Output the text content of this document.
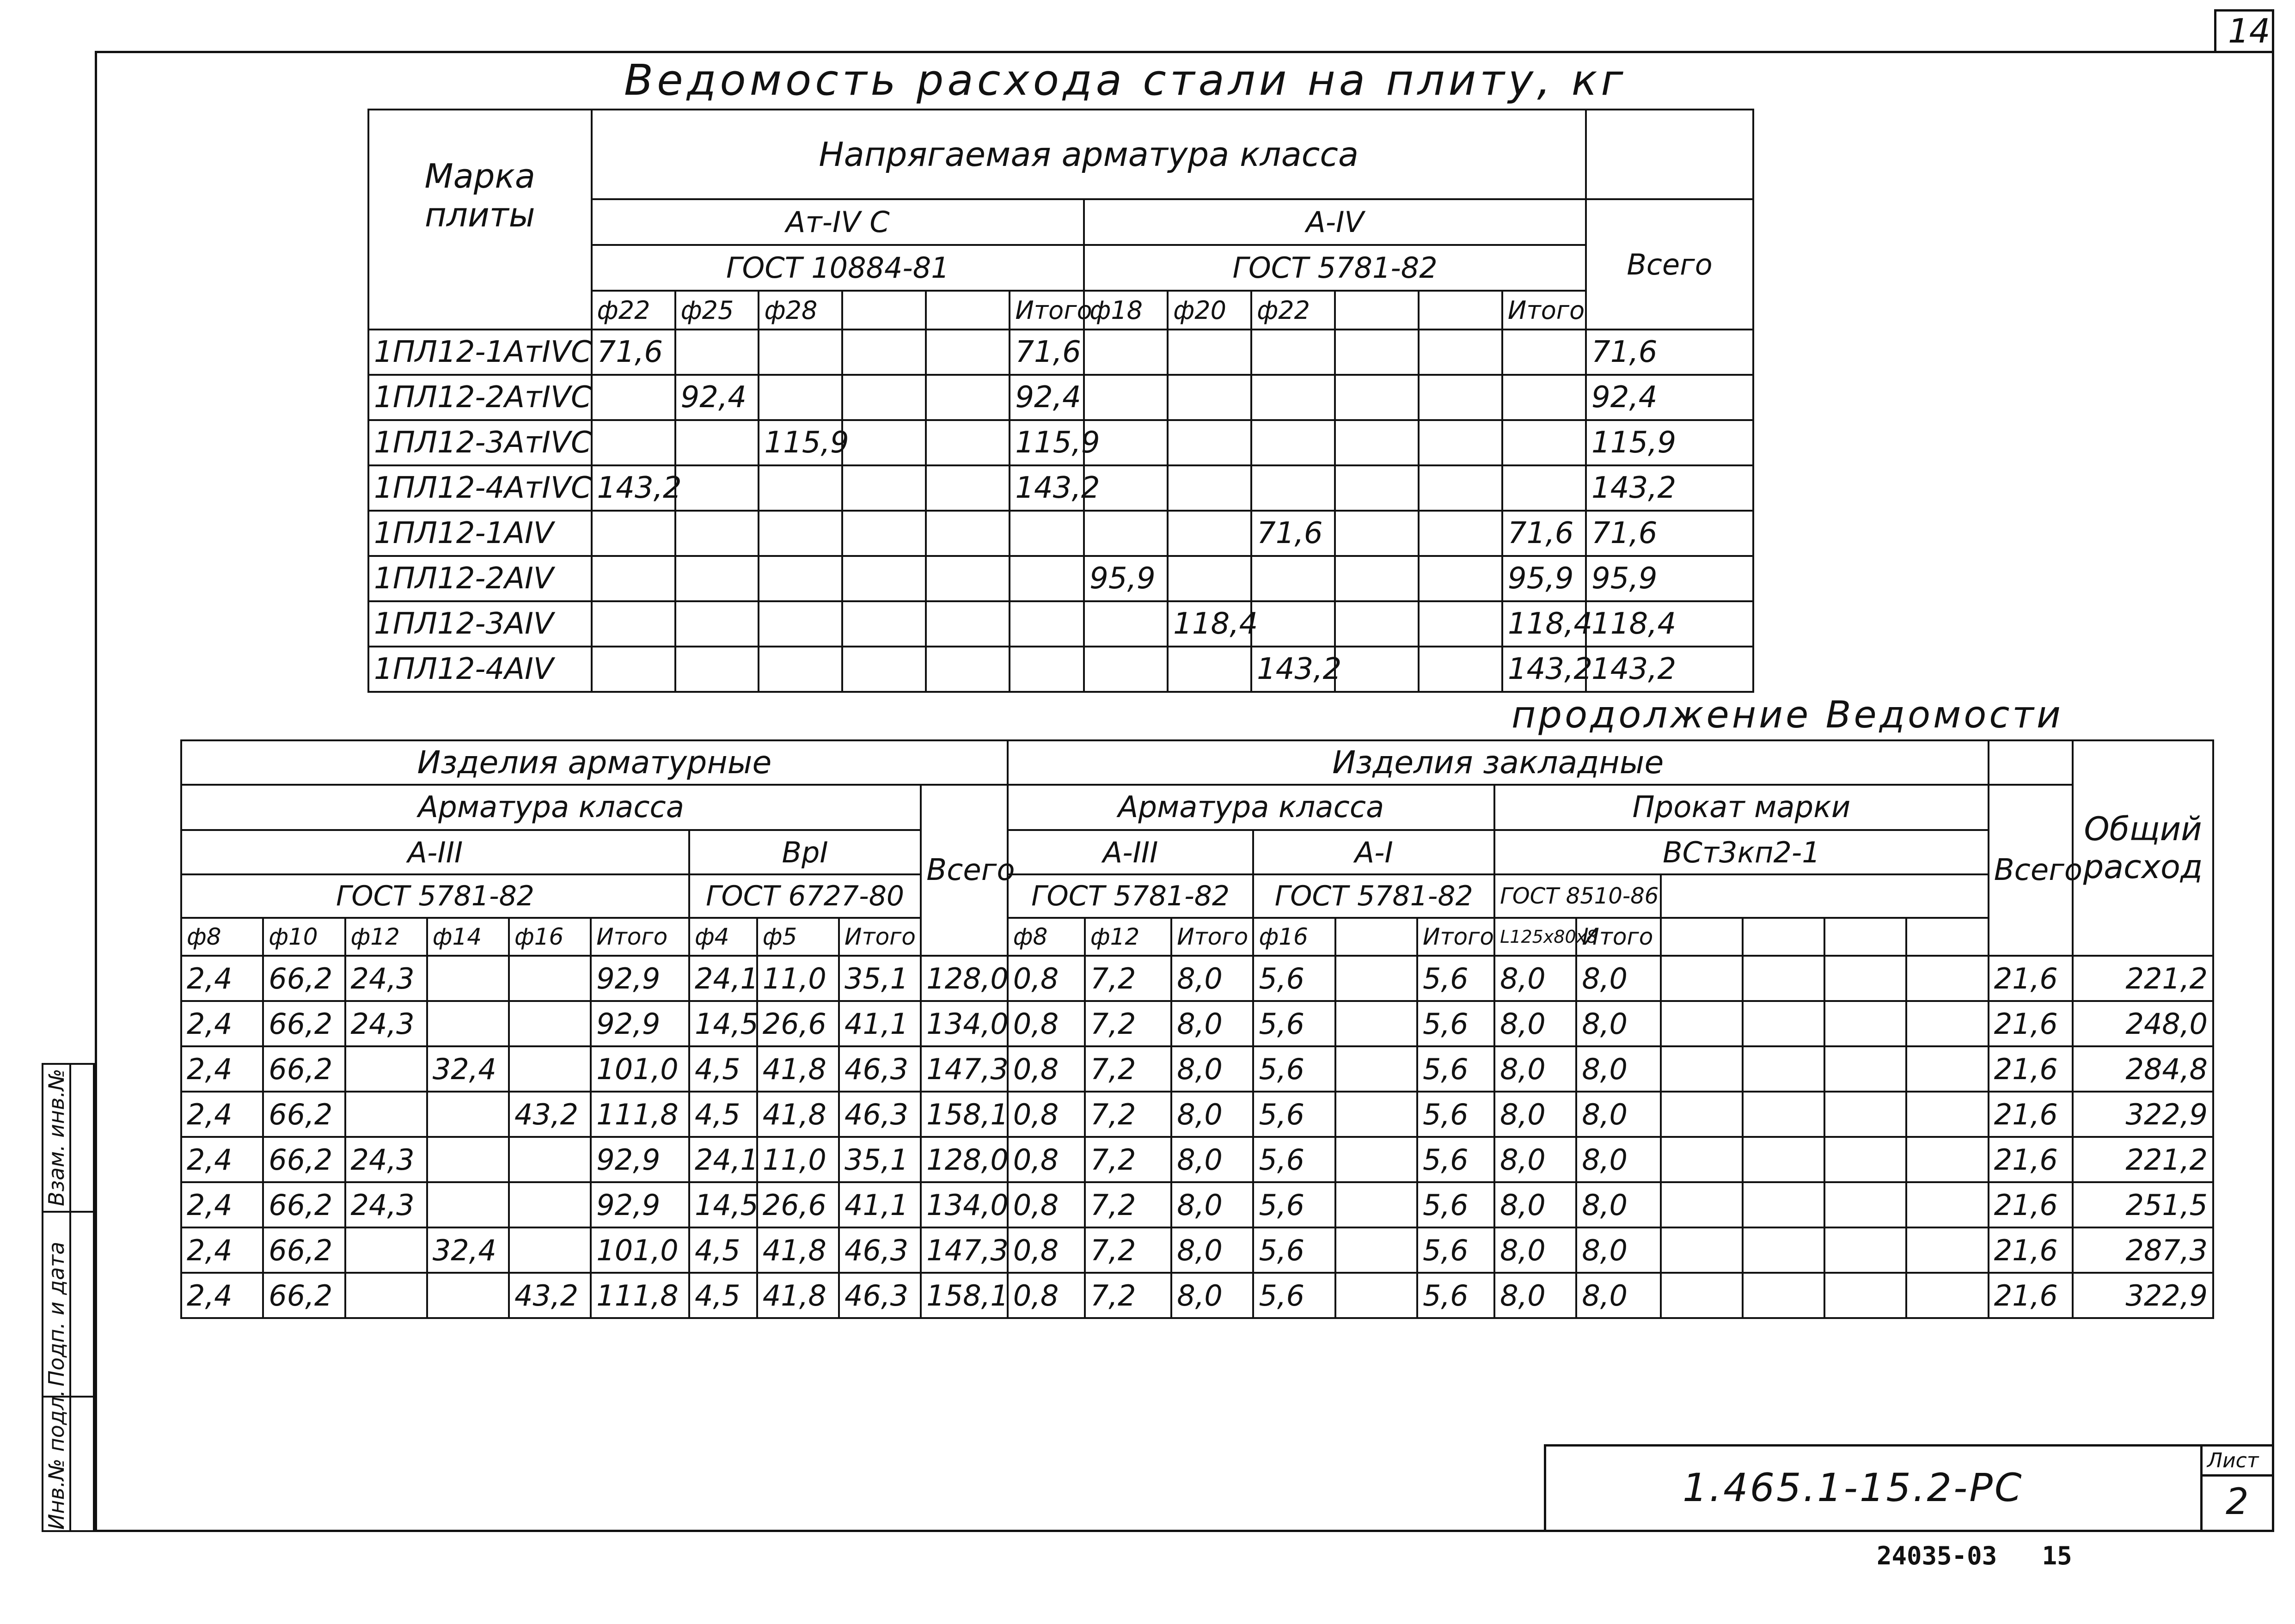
14
Ведомость расхода стали на плиту, кг
Марка плиты	Напрягаемая арматура класса												
	Ат-IV С						А-IV						Всего
	ГОСТ 10884-81						ГОСТ 5781-82						
	ф22	ф25	ф28			Итого	ф18	ф20	ф22			Итого	
1ПЛ12-1АтIVС	71,6					71,6							71,6
1ПЛ12-2АтIVС		92,4				92,4							92,4
1ПЛ12-3АтIVС			115,9			115,9							115,9
1ПЛ12-4АтIVС	143,2					143,2							143,2
1ПЛ12-1АIV									71,6			71,6	71,6
1ПЛ12-2АIV							95,9					95,9	95,9
1ПЛ12-3АIV								118,4				118,4	118,4
1ПЛ12-4АIV									143,2			143,2	143,2
продолжение Ведомости
Изделия арматурные										Изделия закладные													Общий расход
Арматура класса									Всего	Арматура класса						Прокат марки						Всего	
А-III						ВрI				А-III			А-I			ВСт3кп2-1							
ГОСТ 5781-82						ГОСТ 6727-80				ГОСТ 5781-82			ГОСТ 5781-82			ГОСТ 8510-86							
ф8	ф10	ф12	ф14	ф16	Итого	ф4	ф5	Итого		ф8	ф12	Итого	ф16		Итого	L125x80x8	Итого						
2,4	66,2	24,3			92,9	24,1	11,0	35,1	128,0	0,8	7,2	8,0	5,6		5,6	8,0	8,0					21,6	221,2
2,4	66,2	24,3			92,9	14,5	26,6	41,1	134,0	0,8	7,2	8,0	5,6		5,6	8,0	8,0					21,6	248,0
2,4	66,2		32,4		101,0	4,5	41,8	46,3	147,3	0,8	7,2	8,0	5,6		5,6	8,0	8,0					21,6	284,8
2,4	66,2			43,2	111,8	4,5	41,8	46,3	158,1	0,8	7,2	8,0	5,6		5,6	8,0	8,0					21,6	322,9
2,4	66,2	24,3			92,9	24,1	11,0	35,1	128,0	0,8	7,2	8,0	5,6		5,6	8,0	8,0					21,6	221,2
2,4	66,2	24,3			92,9	14,5	26,6	41,1	134,0	0,8	7,2	8,0	5,6		5,6	8,0	8,0					21,6	251,5
2,4	66,2		32,4		101,0	4,5	41,8	46,3	147,3	0,8	7,2	8,0	5,6		5,6	8,0	8,0					21,6	287,3
2,4	66,2			43,2	111,8	4,5	41,8	46,3	158,1	0,8	7,2	8,0	5,6		5,6	8,0	8,0					21,6	322,9
Инв.№ подл.
Подп. и дата
Взам. инв.№
1.465.1-15.2-РС
Лист
2
24035-03   15
